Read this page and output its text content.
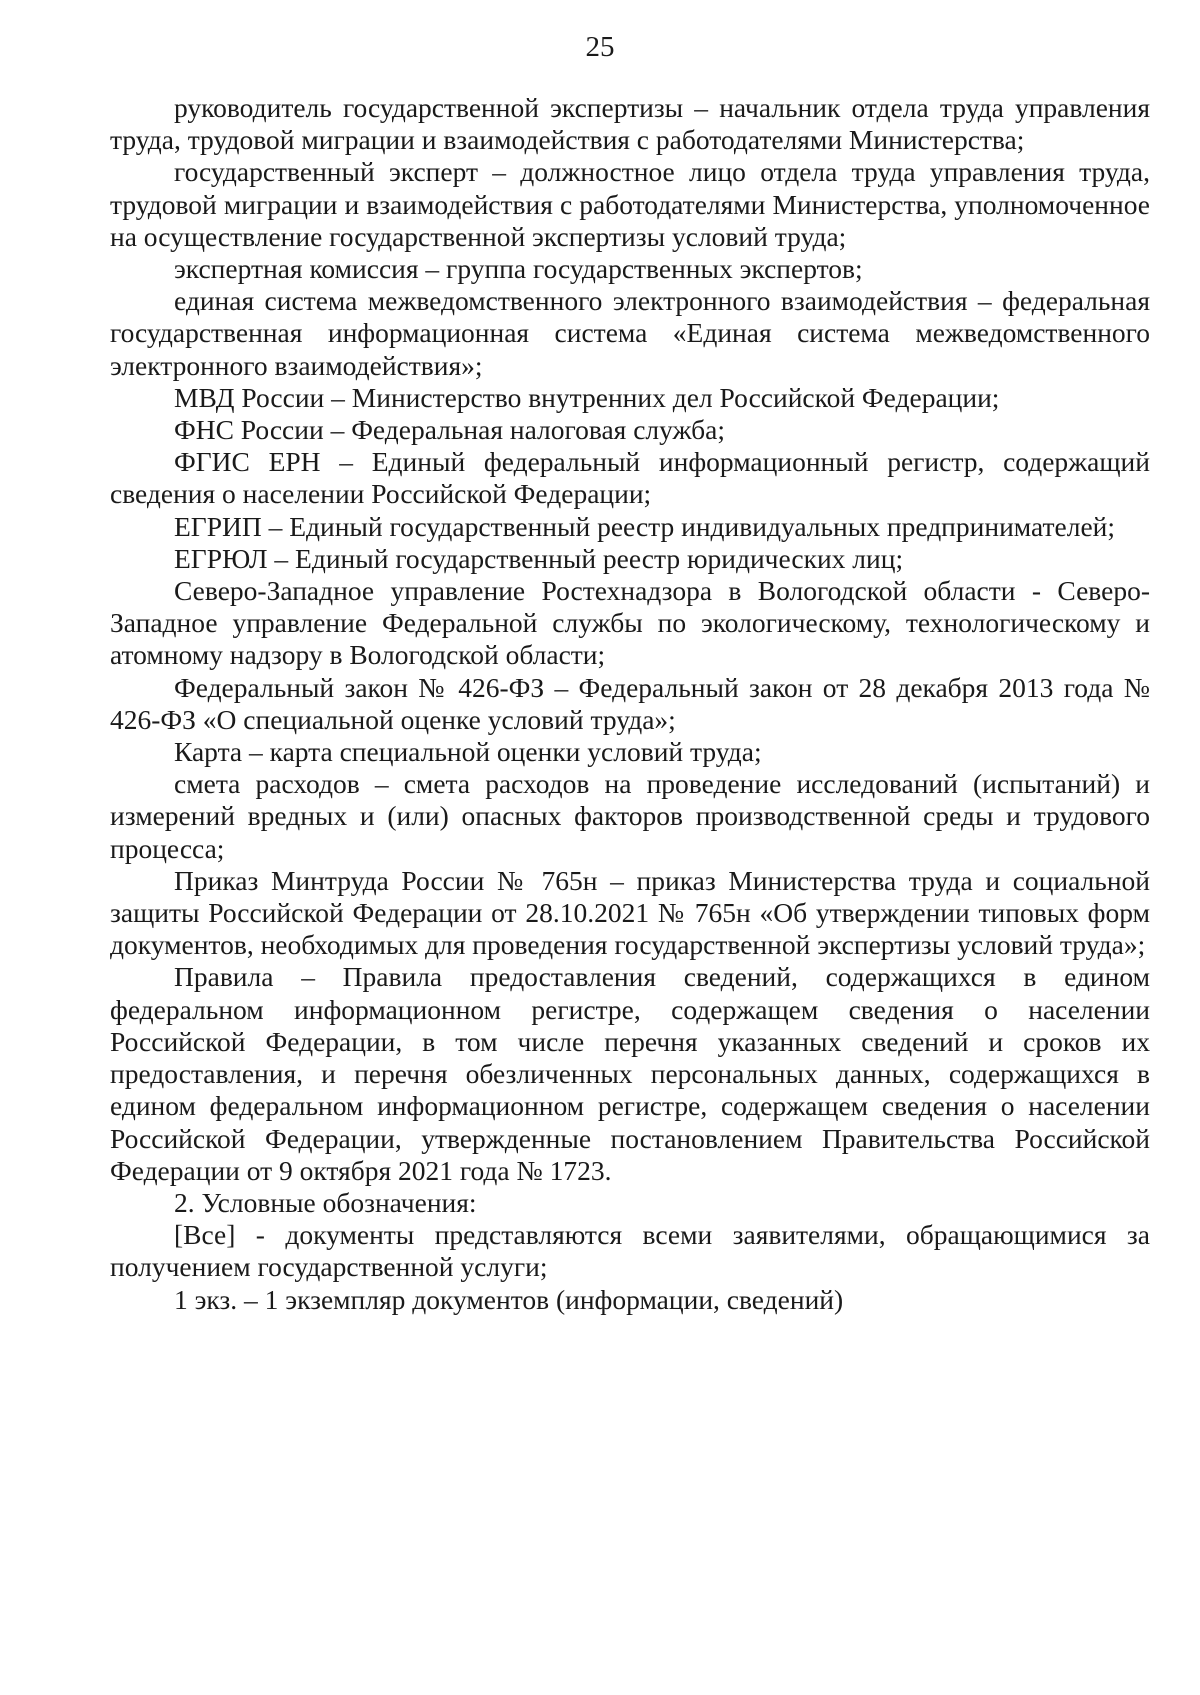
25

руководитель государственной экспертизы – начальник отдела труда управления труда, трудовой миграции и взаимодействия с работодателями Министерства;

государственный эксперт – должностное лицо отдела труда управления труда, трудовой миграции и взаимодействия с работодателями Министерства, уполномоченное на осуществление государственной экспертизы условий труда;

экспертная комиссия – группа государственных экспертов;

единая система межведомственного электронного взаимодействия – федеральная государственная информационная система «Единая система межведомственного электронного взаимодействия»;

МВД России – Министерство внутренних дел Российской Федерации;

ФНС России – Федеральная налоговая служба;

ФГИС ЕРН – Единый федеральный информационный регистр, содержащий сведения о населении Российской Федерации;

ЕГРИП – Единый государственный реестр индивидуальных предпринимателей;

ЕГРЮЛ – Единый государственный реестр юридических лиц;

Северо-Западное управление Ростехнадзора в Вологодской области - Северо-Западное управление Федеральной службы по экологическому, технологическому и атомному надзору в Вологодской области;

Федеральный закон № 426-ФЗ – Федеральный закон от 28 декабря 2013 года № 426-ФЗ «О специальной оценке условий труда»;

Карта – карта специальной оценки условий труда;

смета расходов – смета расходов на проведение исследований (испытаний) и измерений вредных и (или) опасных факторов производственной среды и трудового процесса;

Приказ Минтруда России № 765н – приказ Министерства труда и социальной защиты Российской Федерации от 28.10.2021 № 765н «Об утверждении типовых форм документов, необходимых для проведения государственной экспертизы условий труда»;

Правила – Правила предоставления сведений, содержащихся в едином федеральном информационном регистре, содержащем сведения о населении Российской Федерации, в том числе перечня указанных сведений и сроков их предоставления, и перечня обезличенных персональных данных, содержащихся в едином федеральном информационном регистре, содержащем сведения о населении Российской Федерации, утвержденные постановлением Правительства Российской Федерации от 9 октября 2021 года № 1723.

2. Условные обозначения:

[Все] - документы представляются всеми заявителями, обращающимися за получением государственной услуги;

1 экз. – 1 экземпляр документов (информации, сведений)
